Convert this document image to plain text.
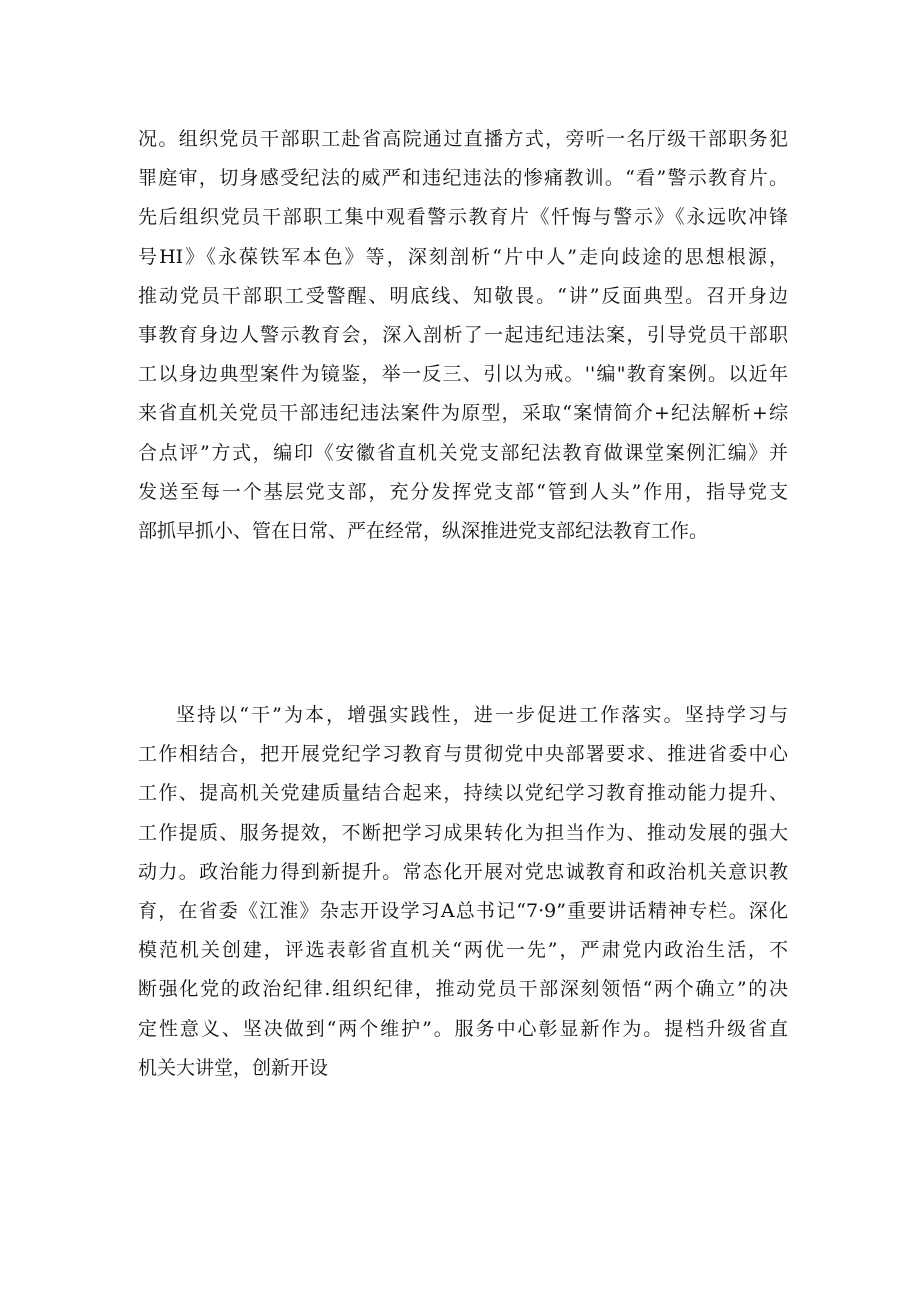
况。组织党员干部职工赴省高院通过直播方式，旁听一名厅级干部职务犯
罪庭审，切身感受纪法的威严和违纪违法的惨痛教训。“看”警示教育片。
先后组织党员干部职工集中观看警示教育片《忏悔与警示》《永远吹冲锋
号HI》《永葆铁军本色》等，深刻剖析“片中人”走向歧途的思想根源，
推动党员干部职工受警醒、明底线、知敬畏。“讲”反面典型。召开身边
事教育身边人警示教育会，深入剖析了一起违纪违法案，引导党员干部职
工以身边典型案件为镜鉴，举一反三、引以为戒。''编"教育案例。以近年
来省直机关党员干部违纪违法案件为原型，采取“案情简介+纪法解析+综
合点评”方式，编印《安徽省直机关党支部纪法教育做课堂案例汇编》并
发送至每一个基层党支部，充分发挥党支部“管到人头”作用，指导党支
部抓早抓小、管在日常、严在经常，纵深推进党支部纪法教育工作。
坚持以“干”为本，增强实践性，进一步促进工作落实。坚持学习与
工作相结合，把开展党纪学习教育与贯彻党中央部署要求、推进省委中心
工作、提高机关党建质量结合起来，持续以党纪学习教育推动能力提升、
工作提质、服务提效，不断把学习成果转化为担当作为、推动发展的强大
动力。政治能力得到新提升。常态化开展对党忠诚教育和政治机关意识教
育，在省委《江淮》杂志开设学习A总书记“7·9”重要讲话精神专栏。深化
模范机关创建，评选表彰省直机关“两优一先”，严肃党内政治生活，不
断强化党的政治纪律.组织纪律，推动党员干部深刻领悟“两个确立”的决
定性意义、坚决做到“两个维护”。服务中心彰显新作为。提档升级省直
机关大讲堂，创新开设
